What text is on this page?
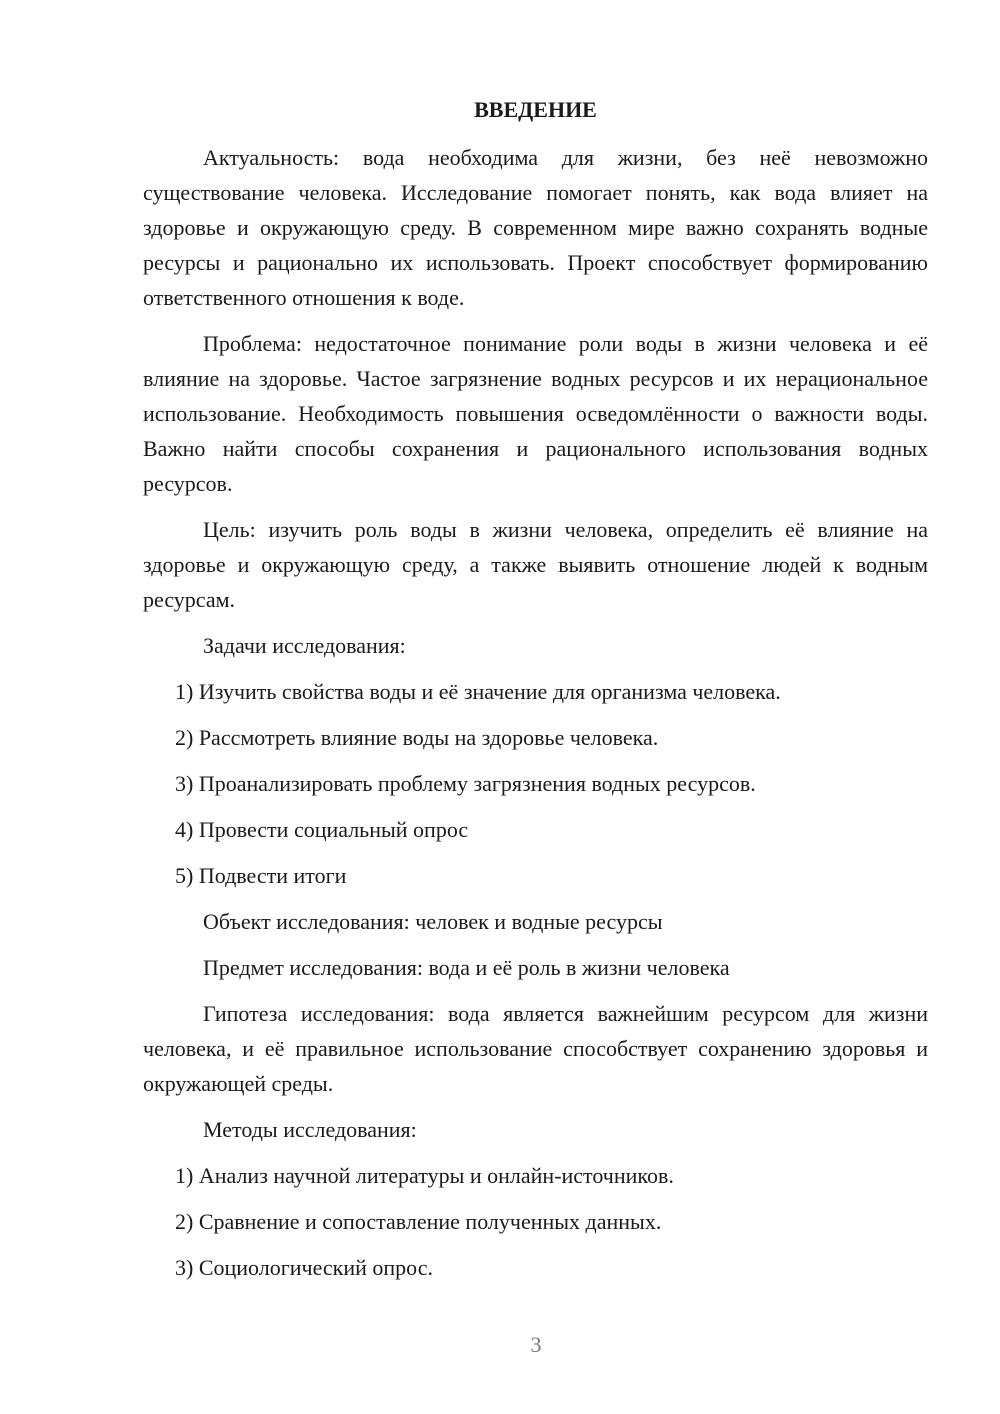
ВВЕДЕНИЕ

Актуальность: вода необходима для жизни, без неё невозможно существование человека. Исследование помогает понять, как вода влияет на здоровье и окружающую среду. В современном мире важно сохранять водные ресурсы и рационально их использовать. Проект способствует формированию ответственного отношения к воде.

Проблема: недостаточное понимание роли воды в жизни человека и её влияние на здоровье. Частое загрязнение водных ресурсов и их нерациональное использование. Необходимость повышения осведомлённости о важности воды. Важно найти способы сохранения и рационального использования водных ресурсов.

Цель: изучить роль воды в жизни человека, определить её влияние на здоровье и окружающую среду, а также выявить отношение людей к водным ресурсам.

Задачи исследования:

1) Изучить свойства воды и её значение для организма человека.

2) Рассмотреть влияние воды на здоровье человека.

3) Проанализировать проблему загрязнения водных ресурсов.

4) Провести социальный опрос

5) Подвести итоги

Объект исследования: человек и водные ресурсы

Предмет исследования: вода и её роль в жизни человека

Гипотеза исследования: вода является важнейшим ресурсом для жизни человека, и её правильное использование способствует сохранению здоровья и окружающей среды.

Методы исследования:

1) Анализ научной литературы и онлайн-источников.

2) Сравнение и сопоставление полученных данных.

3) Социологический опрос.

3
